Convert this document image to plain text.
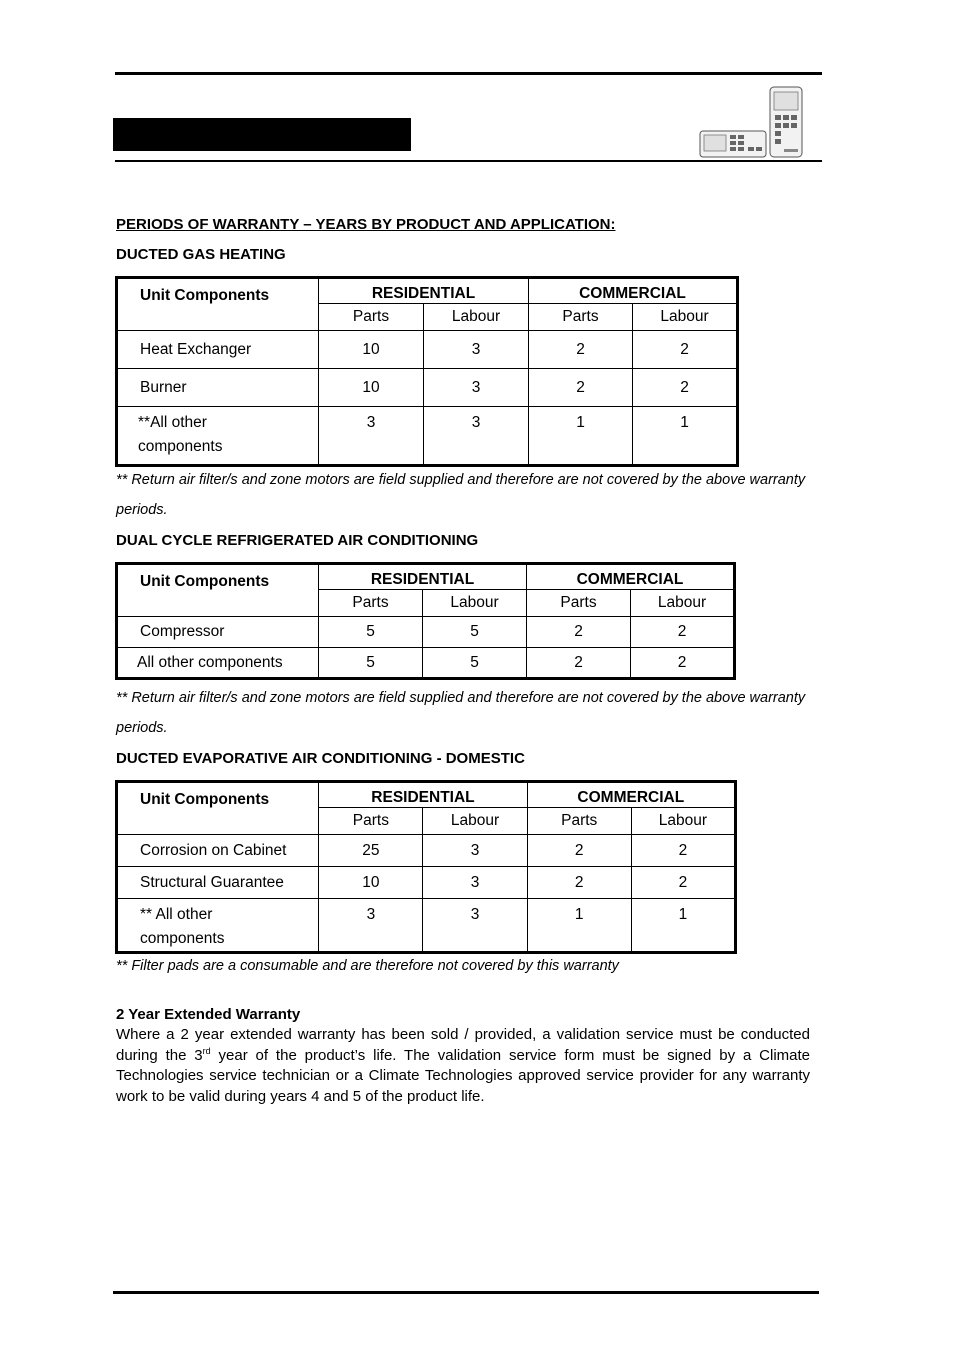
PERIODS OF WARRANTY – YEARS BY PRODUCT AND APPLICATION:
DUCTED GAS HEATING
Unit Components	RESIDENTIAL		COMMERCIAL	
	Parts	Labour	Parts	Labour
Heat Exchanger	10	3	2	2
Burner	10	3	2	2

**All other components	3	3	1	1
** Return air filter/s and zone motors are field supplied and therefore are not covered by the above warranty
periods.
DUAL CYCLE REFRIGERATED AIR CONDITIONING
Unit Components	RESIDENTIAL		COMMERCIAL	
	Parts	Labour	Parts	Labour
Compressor	5	5	2	2
All other components	5	5	2	2
** Return air filter/s and zone motors are field supplied and therefore are not covered by the above warranty
periods.
DUCTED EVAPORATIVE AIR CONDITIONING - DOMESTIC
Unit Components	RESIDENTIAL		COMMERCIAL	
	Parts	Labour	Parts	Labour
Corrosion on Cabinet	25	3	2	2
Structural Guarantee	10	3	2	2

** All other components	3	3	1	1
** Filter pads are a consumable and are therefore not covered by this warranty
2 Year Extended Warranty
Where a 2 year extended warranty has been sold / provided, a validation service must be conducted during the 3rd year of the product’s life. The validation service form must be signed by a Climate Technologies service technician or a Climate Technologies approved service provider for any warranty work to be valid during years 4 and 5 of the product life.
